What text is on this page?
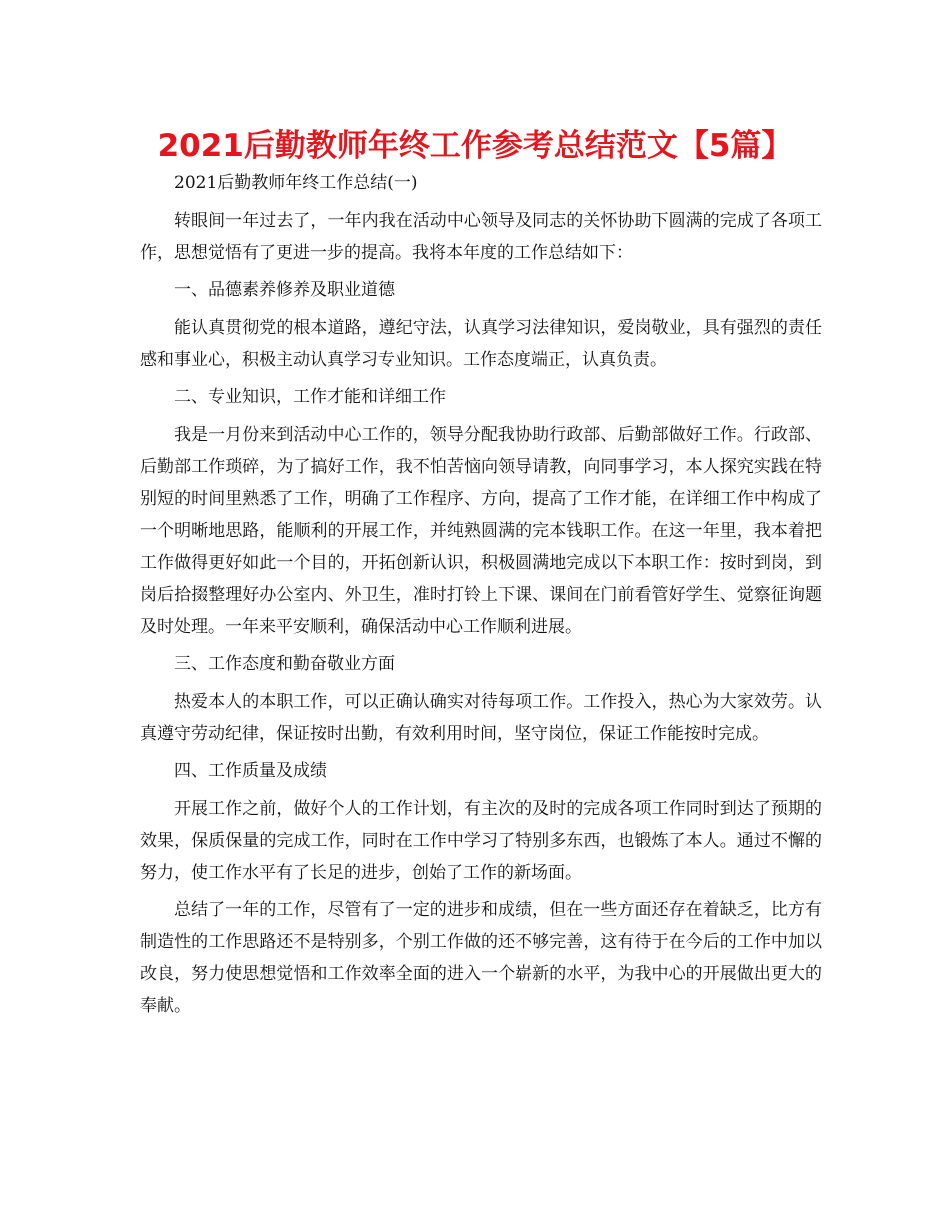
2021后勤教师年终工作参考总结范文【5篇】

2021后勤教师年终工作总结(一)

转眼间一年过去了，一年内我在活动中心领导及同志的关怀协助下圆满的完成了各项工作，思想觉悟有了更进一步的提高。我将本年度的工作总结如下：

一、品德素养修养及职业道德

能认真贯彻党的根本道路，遵纪守法，认真学习法律知识，爱岗敬业，具有强烈的责任感和事业心，积极主动认真学习专业知识。工作态度端正，认真负责。

二、专业知识，工作才能和详细工作

我是一月份来到活动中心工作的，领导分配我协助行政部、后勤部做好工作。行政部、后勤部工作琐碎，为了搞好工作，我不怕苦恼向领导请教，向同事学习，本人探究实践在特别短的时间里熟悉了工作，明确了工作程序、方向，提高了工作才能，在详细工作中构成了一个明晰地思路，能顺利的开展工作，并纯熟圆满的完本钱职工作。在这一年里，我本着把工作做得更好如此一个目的，开拓创新认识，积极圆满地完成以下本职工作：按时到岗，到岗后拾掇整理好办公室内、外卫生，准时打铃上下课、课间在门前看管好学生、觉察征询题及时处理。一年来平安顺利，确保活动中心工作顺利进展。

三、工作态度和勤奋敬业方面

热爱本人的本职工作，可以正确认确实对待每项工作。工作投入，热心为大家效劳。认真遵守劳动纪律，保证按时出勤，有效利用时间，坚守岗位，保证工作能按时完成。

四、工作质量及成绩

开展工作之前，做好个人的工作计划，有主次的及时的完成各项工作同时到达了预期的效果，保质保量的完成工作，同时在工作中学习了特别多东西，也锻炼了本人。通过不懈的努力，使工作水平有了长足的进步，创始了工作的新场面。

总结了一年的工作，尽管有了一定的进步和成绩，但在一些方面还存在着缺乏，比方有制造性的工作思路还不是特别多，个别工作做的还不够完善，这有待于在今后的工作中加以改良，努力使思想觉悟和工作效率全面的进入一个崭新的水平，为我中心的开展做出更大的奉献。
